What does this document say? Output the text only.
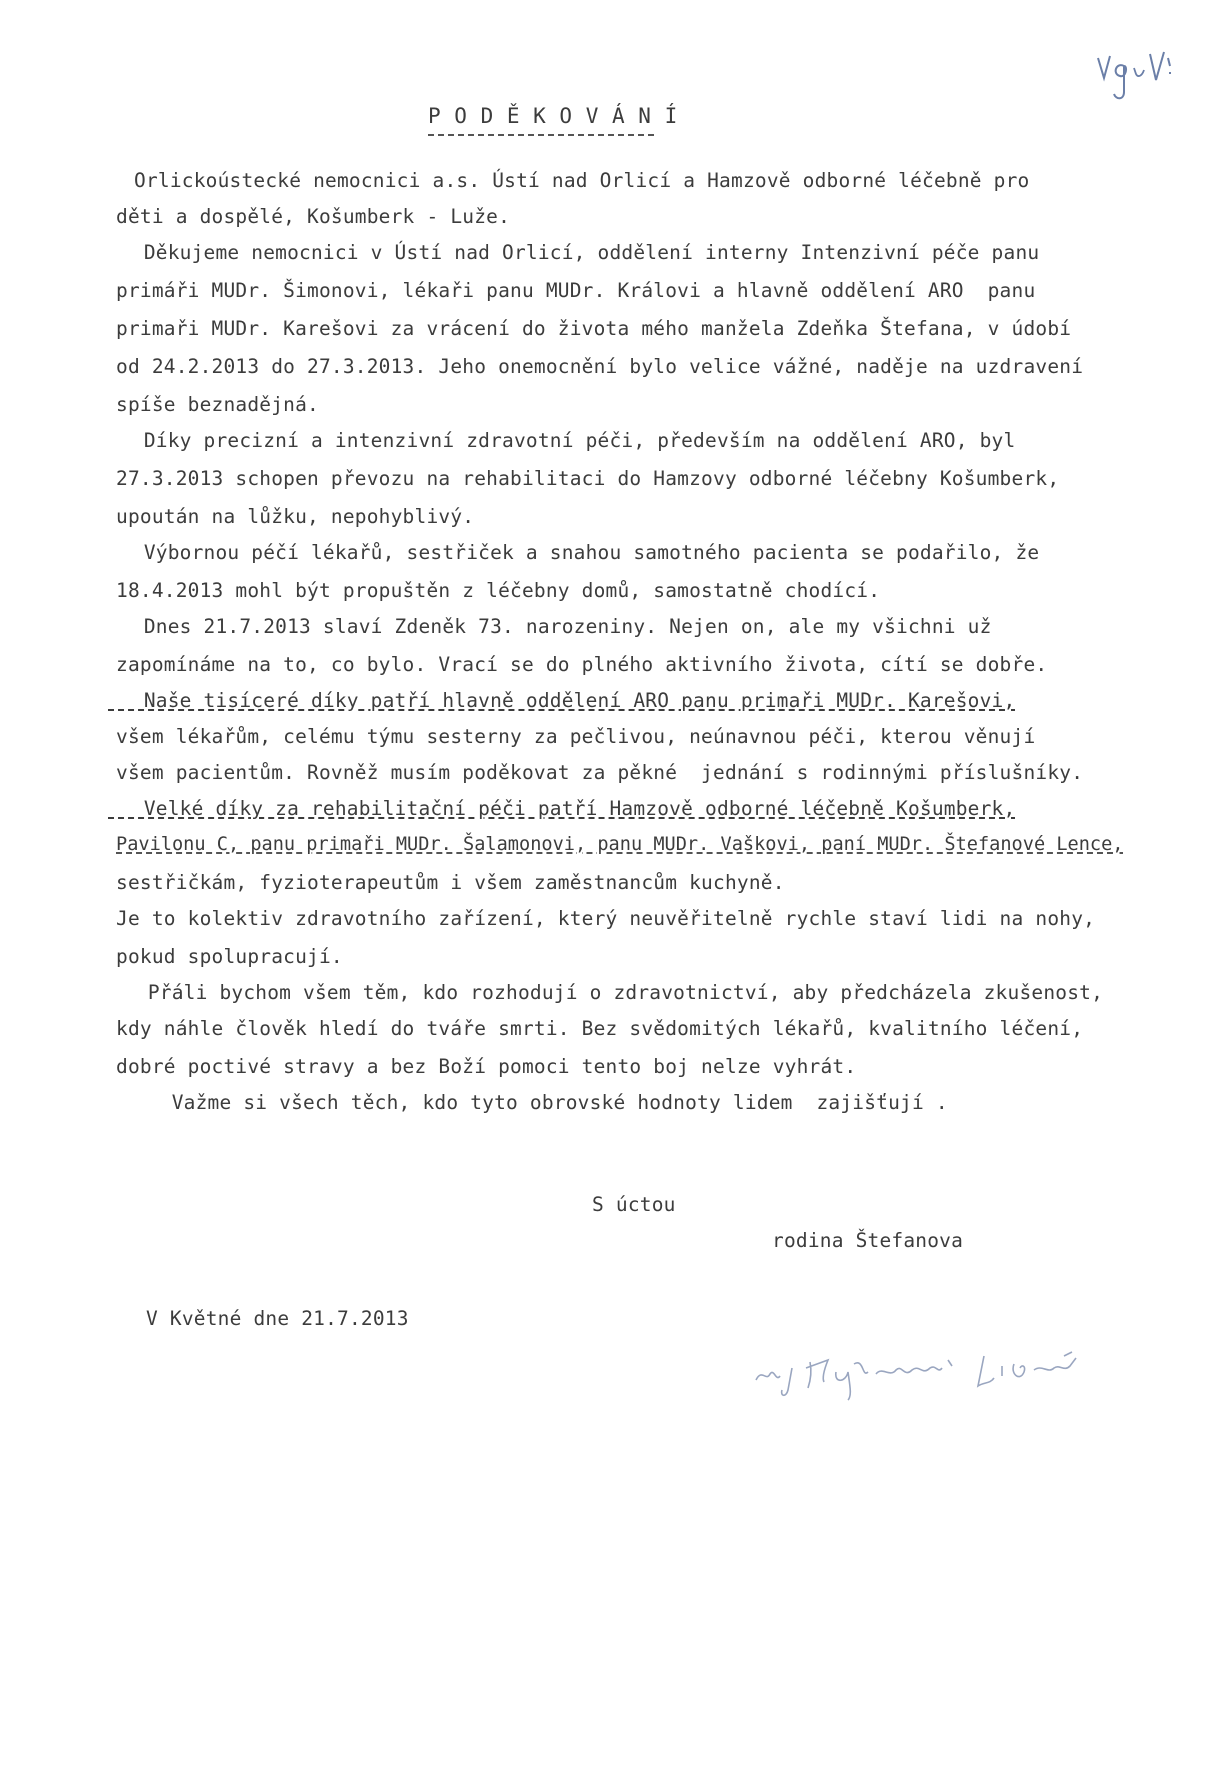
P O D Ě K O V Á N Í
Orlickoústecké nemocnici a.s. Ústí nad Orlicí a Hamzově odborné léčebně pro
děti a dospělé, Košumberk - Luže.
Děkujeme nemocnici v Ústí nad Orlicí, oddělení interny Intenzivní péče panu
primáři MUDr. Šimonovi, lékaři panu MUDr. Královi a hlavně oddělení ARO  panu
primaři MUDr. Karešovi za vrácení do života mého manžela Zdeňka Štefana, v údobí
od 24.2.2013 do 27.3.2013. Jeho onemocnění bylo velice vážné, naděje na uzdravení
spíše beznadějná.
Díky precizní a intenzivní zdravotní péči, především na oddělení ARO, byl
27.3.2013 schopen převozu na rehabilitaci do Hamzovy odborné léčebny Košumberk,
upoután na lůžku, nepohyblivý.
Výbornou péčí lékařů, sestřiček a snahou samotného pacienta se podařilo, že
18.4.2013 mohl být propuštěn z léčebny domů, samostatně chodící.
Dnes 21.7.2013 slaví Zdeněk 73. narozeniny. Nejen on, ale my všichni už
zapomínáme na to, co bylo. Vrací se do plného aktivního života, cítí se dobře.
Naše tisíceré díky patří hlavně oddělení ARO panu primaři MUDr. Karešovi,
všem lékařům, celému týmu sesterny za pečlivou, neúnavnou péči, kterou věnují
všem pacientům. Rovněž musím poděkovat za pěkné  jednání s rodinnými příslušníky.
Velké díky za rehabilitační péči patří Hamzově odborné léčebně Košumberk,
Pavilonu C, panu primaři MUDr. Šalamonovi, panu MUDr. Vaškovi, paní MUDr. Štefanové Lence,
sestřičkám, fyzioterapeutům i všem zaměstnancům kuchyně.
Je to kolektiv zdravotního zařízení, který neuvěřitelně rychle staví lidi na nohy,
pokud spolupracují.
Přáli bychom všem těm, kdo rozhodují o zdravotnictví, aby předcházela zkušenost,
kdy náhle člověk hledí do tváře smrti. Bez svědomitých lékařů, kvalitního léčení,
dobré poctivé stravy a bez Boží pomoci tento boj nelze vyhrát.
Važme si všech těch, kdo tyto obrovské hodnoty lidem  zajišťují .
S úctou
rodina Štefanova
V Květné dne 21.7.2013
